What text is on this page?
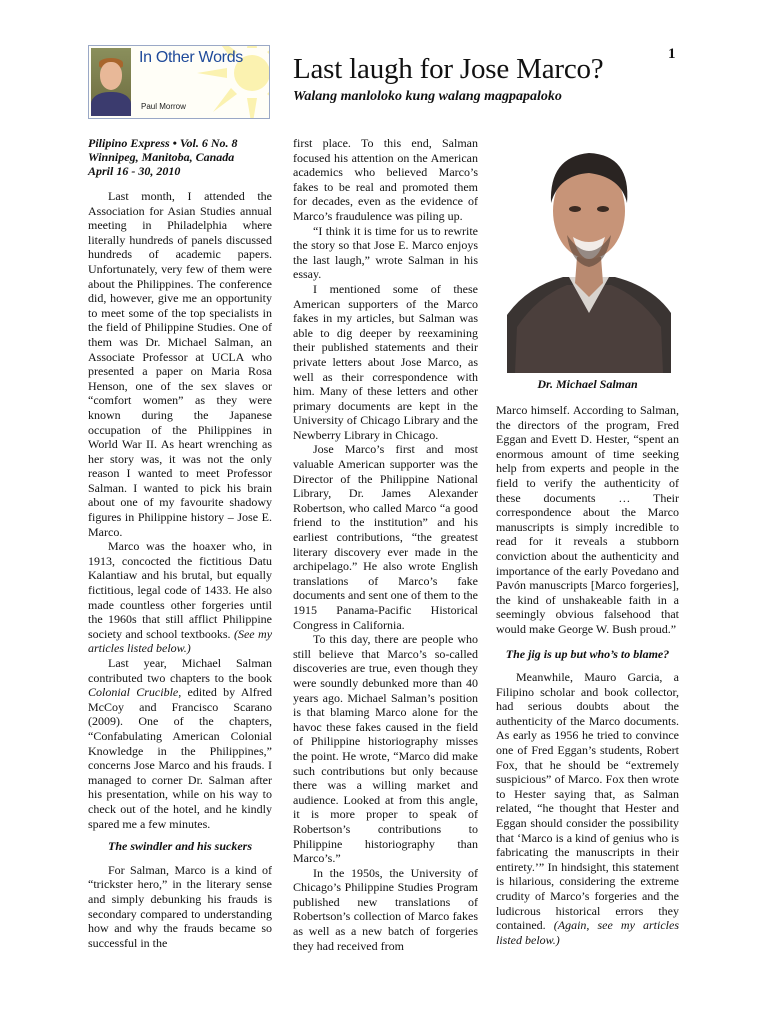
1
In Other Words
Paul Morrow
Last laugh for Jose Marco?
Walang manloloko kung walang magpapaloko
Pilipino Express • Vol. 6 No. 8
Winnipeg, Manitoba, Canada
April 16 - 30, 2010

Last month, I attended the Association for Asian Studies annual meeting in Philadelphia where literally hundreds of panels discussed hundreds of academic papers. Unfortunately, very few of them were about the Philippines. The conference did, however, give me an opportunity to meet some of the top specialists in the field of Philippine Studies. One of them was Dr. Michael Salman, an Associate Professor at UCLA who presented a paper on Maria Rosa Henson, one of the sex slaves or “comfort women” as they were known during the Japanese occupation of the Philippines in World War II. As heart wrenching as her story was, it was not the only reason I wanted to meet Professor Salman. I wanted to pick his brain about one of my favourite shadowy figures in Philippine history – Jose E. Marco.

Marco was the hoaxer who, in 1913, concocted the fictitious Datu Kalantiaw and his brutal, but equally fictitious, legal code of 1433. He also made countless other forgeries until the 1960s that still afflict Philippine society and school textbooks. (See my articles listed below.)

Last year, Michael Salman contributed two chapters to the book Colonial Crucible, edited by Alfred McCoy and Francisco Scarano (2009). One of the chapters, “Confabulating American Colonial Knowledge in the Philippines,” concerns Jose Marco and his frauds. I managed to corner Dr. Salman after his presentation, while on his way to check out of the hotel, and he kindly spared me a few minutes.

The swindler and his suckers

For Salman, Marco is a kind of “trickster hero,” in the literary sense and simply debunking his frauds is secondary compared to understanding how and why the frauds became so successful in the

first place. To this end, Salman focused his attention on the American academics who believed Marco’s fakes to be real and promoted them for decades, even as the evidence of Marco’s fraudulence was piling up.

“I think it is time for us to rewrite the story so that Jose E. Marco enjoys the last laugh,” wrote Salman in his essay.

I mentioned some of these American supporters of the Marco fakes in my articles, but Salman was able to dig deeper by reexamining their published statements and their private letters about Jose Marco, as well as their correspondence with him. Many of these letters and other primary documents are kept in the University of Chicago Library and the Newberry Library in Chicago.

Jose Marco’s first and most valuable American supporter was the Director of the Philippine National Library, Dr. James Alexander Robertson, who called Marco “a good friend to the institution” and his earliest contributions, “the greatest literary discovery ever made in the archipelago.” He also wrote English translations of Marco’s fake documents and sent one of them to the 1915 Panama-Pacific Historical Congress in California.

To this day, there are people who still believe that Marco’s so-called discoveries are true, even though they were soundly debunked more than 40 years ago. Michael Salman’s position is that blaming Marco alone for the havoc these fakes caused in the field of Philippine historiography misses the point. He wrote, “Marco did make such contributions but only because there was a willing market and audience. Looked at from this angle, it is more proper to speak of Robertson’s contributions to Philippine historiography than Marco’s.”

In the 1950s, the University of Chicago’s Philippine Studies Program published new translations of Robertson’s collection of Marco fakes as well as a new batch of forgeries they had received from

Dr. Michael Salman

Marco himself. According to Salman, the directors of the program, Fred Eggan and Evett D. Hester, “spent an enormous amount of time seeking help from experts and people in the field to verify the authenticity of these documents … Their correspondence about the Marco manuscripts is simply incredible to read for it reveals a stubborn conviction about the authenticity and importance of the early Povedano and Pavón manuscripts [Marco forgeries], the kind of unshakeable faith in a seemingly obvious falsehood that would make George W. Bush proud.”

The jig is up but who’s to blame?

Meanwhile, Mauro Garcia, a Filipino scholar and book collector, had serious doubts about the authenticity of the Marco documents. As early as 1956 he tried to convince one of Fred Eggan’s students, Robert Fox, that he should be “extremely suspicious” of Marco. Fox then wrote to Hester saying that, as Salman related, “he thought that Hester and Eggan should consider the possibility that ‘Marco is a kind of genius who is fabricating the manuscripts in their entirety.’” In hindsight, this statement is hilarious, considering the extreme crudity of Marco’s forgeries and the ludicrous historical errors they contained. (Again, see my articles listed below.)
